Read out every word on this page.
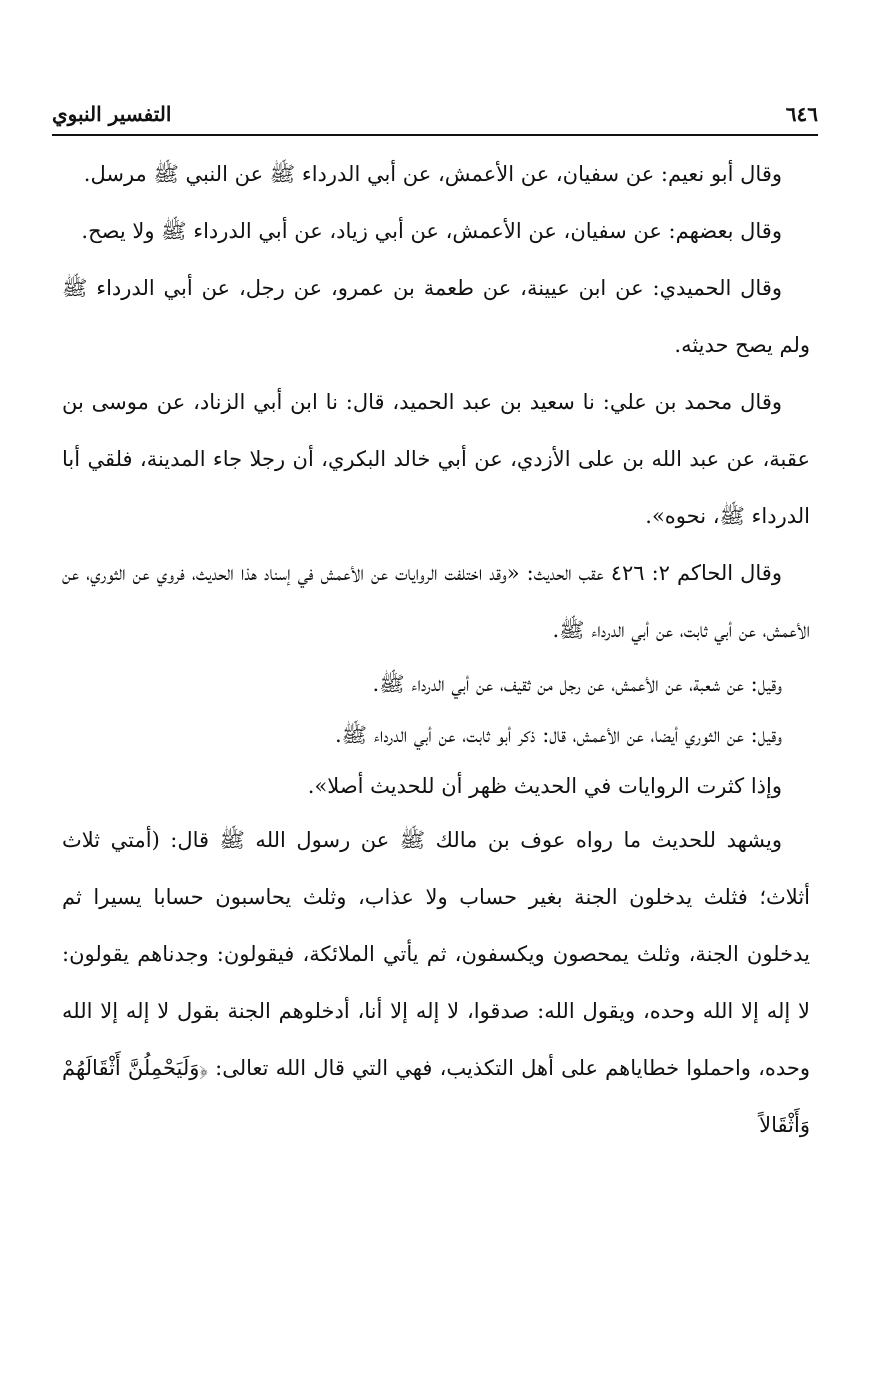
التفسير النبوي	٦٤٦

وقال أبو نعيم: عن سفيان، عن الأعمش، عن أبي الدرداء ﷺ عن النبي ﷺ مرسل.

وقال بعضهم: عن سفيان، عن الأعمش، عن أبي زياد، عن أبي الدرداء ﷺ ولا يصح.

وقال الحميدي: عن ابن عيينة، عن طعمة بن عمرو، عن رجل، عن أبي الدرداء ﷺ ولم يصح حديثه.

وقال محمد بن علي: نا سعيد بن عبد الحميد، قال: نا ابن أبي الزناد، عن موسى بن عقبة، عن عبد الله بن على الأزدي، عن أبي خالد البكري، أن رجلا جاء المدينة، فلقي أبا الدرداء ﷺ، نحوه».

وقال الحاكم ٢: ٤٢٦ عقب الحديث: «وقد اختلفت الروايات عن الأعمش في إسناد هذا الحديث، فروي عن الثوري، عن الأعمش، عن أبي ثابت، عن أبي الدرداء ﷺ.

وقيل: عن شعبة، عن الأعمش، عن رجل من ثقيف، عن أبي الدرداء ﷺ.

وقيل: عن الثوري أيضا، عن الأعمش، قال: ذكر أبو ثابت، عن أبي الدرداء ﷺ.

وإذا كثرت الروايات في الحديث ظهر أن للحديث أصلا».

ويشهد للحديث ما رواه عوف بن مالك ﷺ عن رسول الله ﷺ قال: (أمتي ثلاث أثلاث؛ فثلث يدخلون الجنة بغير حساب ولا عذاب، وثلث يحاسبون حسابا يسيرا ثم يدخلون الجنة، وثلث يمحصون ويكسفون، ثم يأتي الملائكة، فيقولون: وجدناهم يقولون: لا إله إلا الله وحده، ويقول الله: صدقوا، لا إله إلا أنا، أدخلوهم الجنة بقول لا إله إلا الله وحده، واحملوا خطاياهم على أهل التكذيب، فهي التي قال الله تعالى: ﴿وَلَيَحْمِلُنَّ أَثْقَالَهُمْ وَأَثْقَالاً
